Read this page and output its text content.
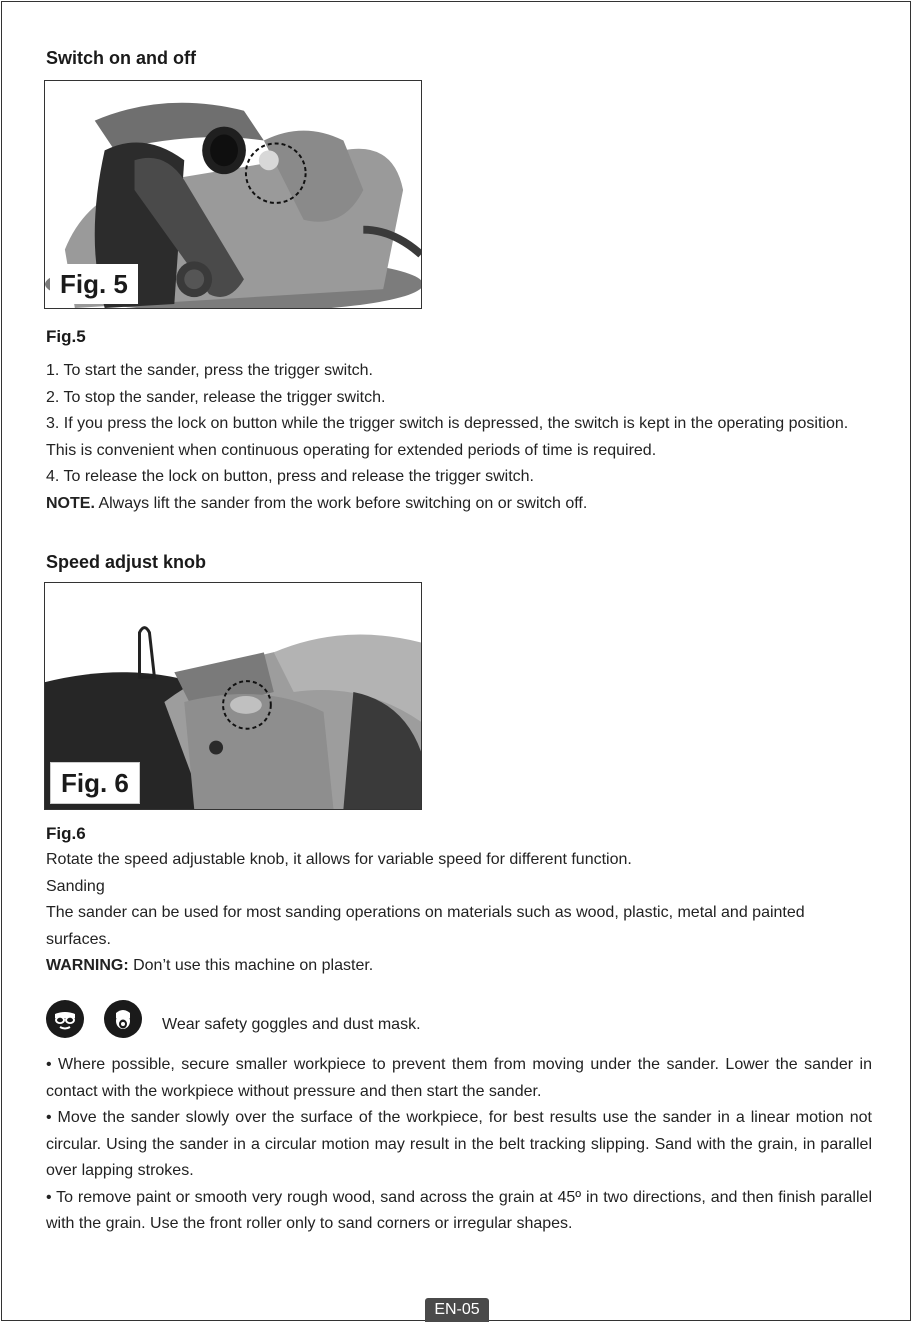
Switch on and off
Fig. 5
Fig.5

1. To start the sander, press the trigger switch.

2. To stop the sander, release the trigger switch.

3. If you press the lock on button while the trigger switch is depressed, the switch is kept in the operating position. This is convenient when continuous operating for extended periods of time is required.

4. To release the lock on button, press and release the trigger switch.

NOTE. Always lift the sander from the work before switching on or switch off.

Speed adjust knob
Fig. 6
Fig.6

Rotate the speed adjustable knob, it allows for variable speed for different function.

Sanding

The sander can be used for most sanding operations on materials such as wood, plastic, metal and painted surfaces.

WARNING: Don’t use this machine on plaster.

Wear safety goggles and dust mask.

• Where possible, secure smaller workpiece to prevent them from moving under the sander. Lower the sander in contact with the workpiece without pressure and then start the sander.

• Move the sander slowly over the surface of the workpiece, for best results use the sander in a linear motion not circular. Using the sander in a circular motion may result in the belt tracking slipping. Sand with the grain, in parallel over lapping strokes.

• To remove paint or smooth very rough wood, sand across the grain at 45º in two directions, and then finish parallel with the grain. Use the front roller only to sand corners or irregular shapes.

EN-05
